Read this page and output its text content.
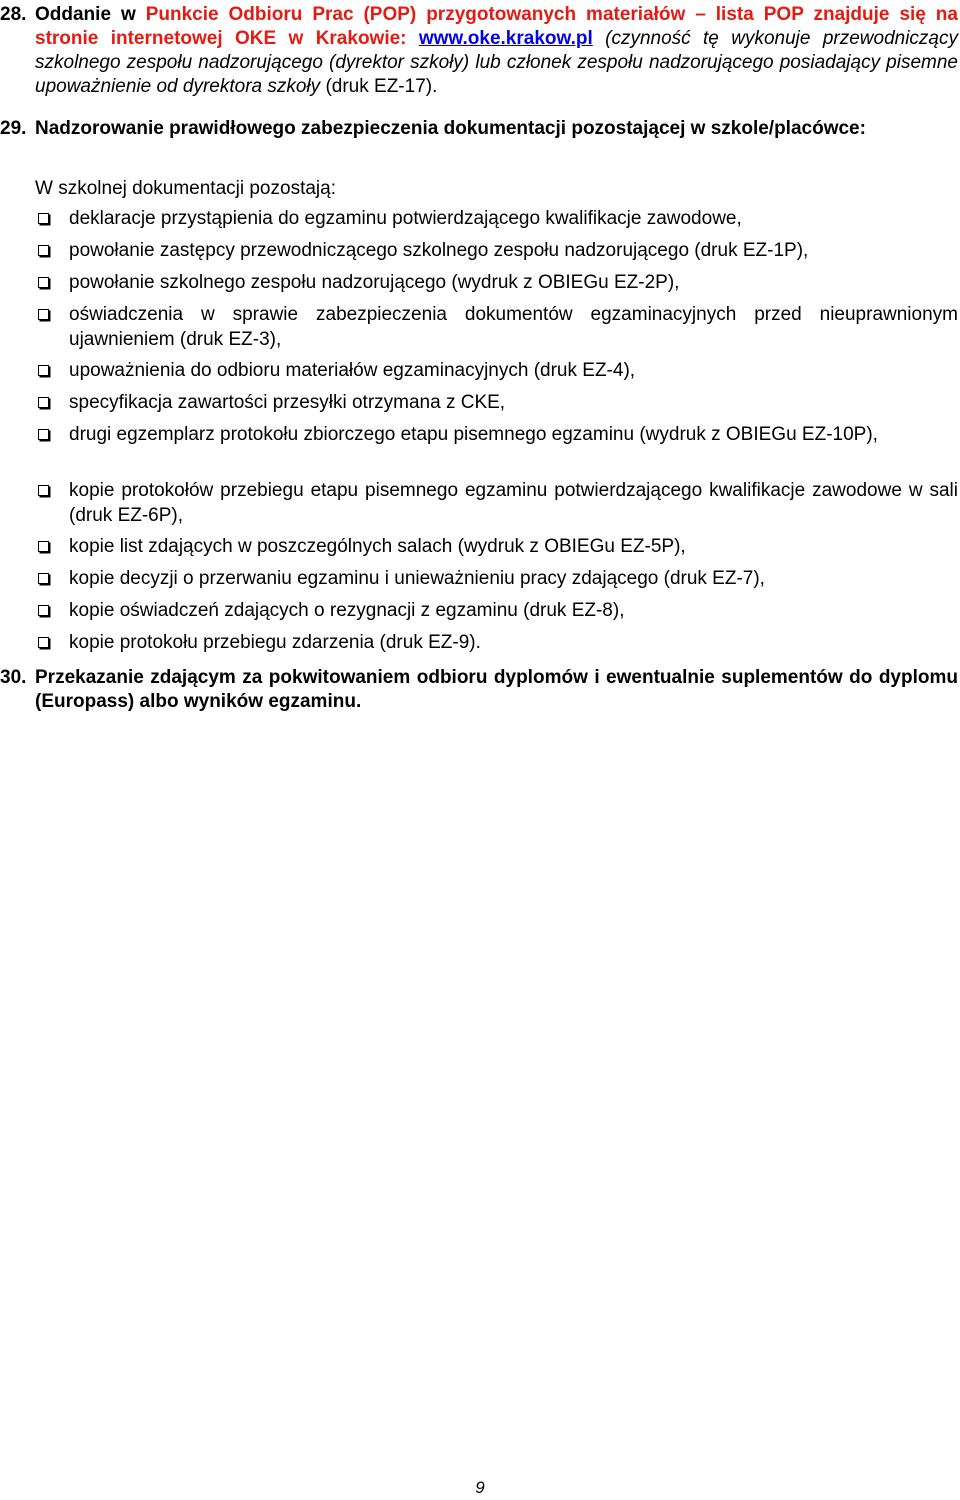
28. Oddanie w Punkcie Odbioru Prac (POP) przygotowanych materiałów – lista POP znajduje się na stronie internetowej OKE w Krakowie: www.oke.krakow.pl (czynność tę wykonuje przewodniczący szkolnego zespołu nadzorującego (dyrektor szkoły) lub członek zespołu nadzorującego posiadający pisemne upoważnienie od dyrektora szkoły (druk EZ-17).
29. Nadzorowanie prawidłowego zabezpieczenia dokumentacji pozostającej w szkole/placówce:
W szkolnej dokumentacji pozostają:
deklaracje przystąpienia do egzaminu potwierdzającego kwalifikacje zawodowe,
powołanie zastępcy przewodniczącego szkolnego zespołu nadzorującego (druk EZ-1P),
powołanie szkolnego zespołu nadzorującego (wydruk z OBIEGu EZ-2P),
oświadczenia w sprawie zabezpieczenia dokumentów egzaminacyjnych przed nieuprawnionym ujawnieniem (druk EZ-3),
upoważnienia do odbioru materiałów egzaminacyjnych (druk EZ-4),
specyfikacja zawartości przesyłki otrzymana z CKE,
drugi egzemplarz protokołu zbiorczego etapu pisemnego egzaminu (wydruk z OBIEGu EZ-10P),
kopie protokołów przebiegu etapu pisemnego egzaminu potwierdzającego kwalifikacje zawodowe w sali (druk EZ-6P),
kopie list zdających w poszczególnych salach (wydruk z OBIEGu EZ-5P),
kopie decyzji o przerwaniu egzaminu i unieważnieniu pracy zdającego (druk EZ-7),
kopie oświadczeń zdających o rezygnacji z egzaminu (druk EZ-8),
kopie protokołu przebiegu zdarzenia (druk EZ-9).
30. Przekazanie zdającym za pokwitowaniem odbioru dyplomów i ewentualnie suplementów do dyplomu (Europass) albo wyników egzaminu.
9
